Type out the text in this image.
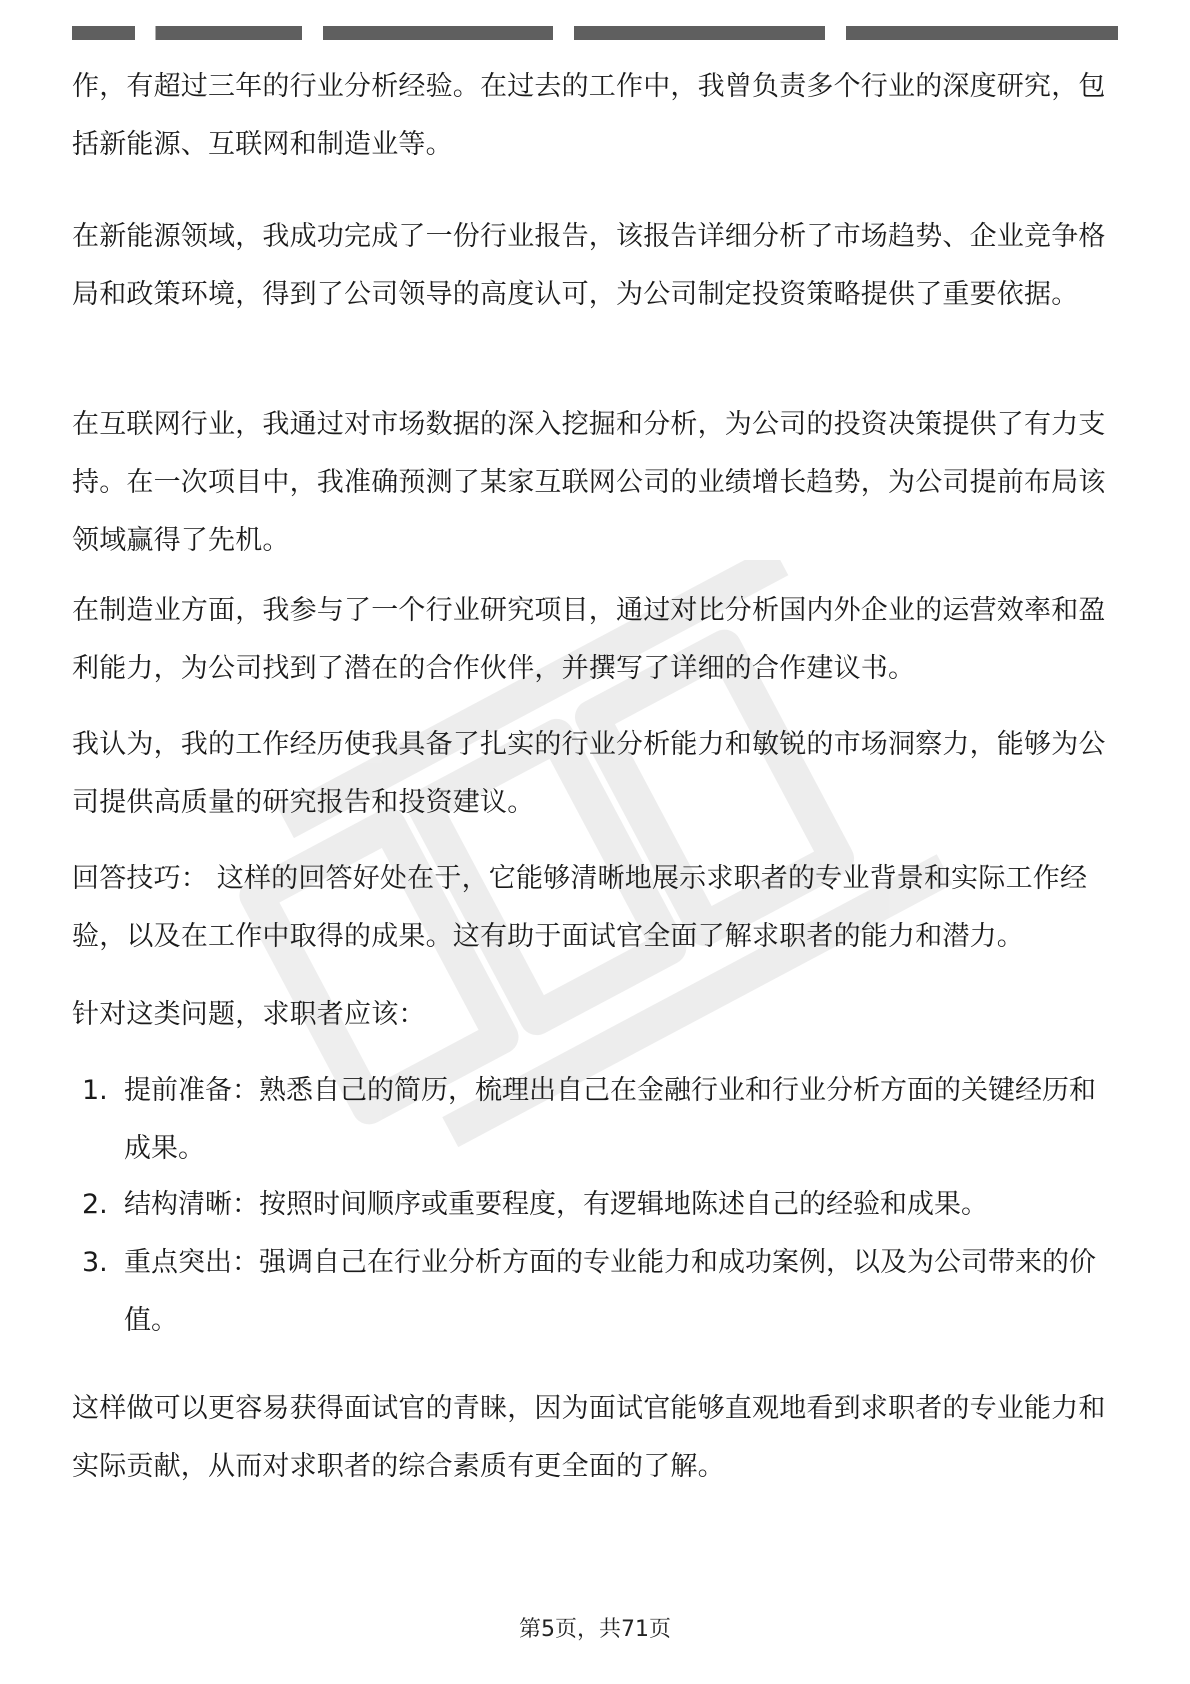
作，有超过三年的行业分析经验。在过去的工作中，我曾负责多个行业的深度研究，包括新能源、互联网和制造业等。

在新能源领域，我成功完成了一份行业报告，该报告详细分析了市场趋势、企业竞争格局和政策环境，得到了公司领导的高度认可，为公司制定投资策略提供了重要依据。

在互联网行业，我通过对市场数据的深入挖掘和分析，为公司的投资决策提供了有力支持。在一次项目中，我准确预测了某家互联网公司的业绩增长趋势，为公司提前布局该领域赢得了先机。

在制造业方面，我参与了一个行业研究项目，通过对比分析国内外企业的运营效率和盈利能力，为公司找到了潜在的合作伙伴，并撰写了详细的合作建议书。

我认为，我的工作经历使我具备了扎实的行业分析能力和敏锐的市场洞察力，能够为公司提供高质量的研究报告和投资建议。

回答技巧： 这样的回答好处在于，它能够清晰地展示求职者的专业背景和实际工作经验，以及在工作中取得的成果。这有助于面试官全面了解求职者的能力和潜力。

针对这类问题，求职者应该：

1. 提前准备：熟悉自己的简历，梳理出自己在金融行业和行业分析方面的关键经历和成果。
2. 结构清晰：按照时间顺序或重要程度，有逻辑地陈述自己的经验和成果。
3. 重点突出：强调自己在行业分析方面的专业能力和成功案例，以及为公司带来的价值。

这样做可以更容易获得面试官的青睐，因为面试官能够直观地看到求职者的专业能力和实际贡献，从而对求职者的综合素质有更全面的了解。

第5页，共71页
